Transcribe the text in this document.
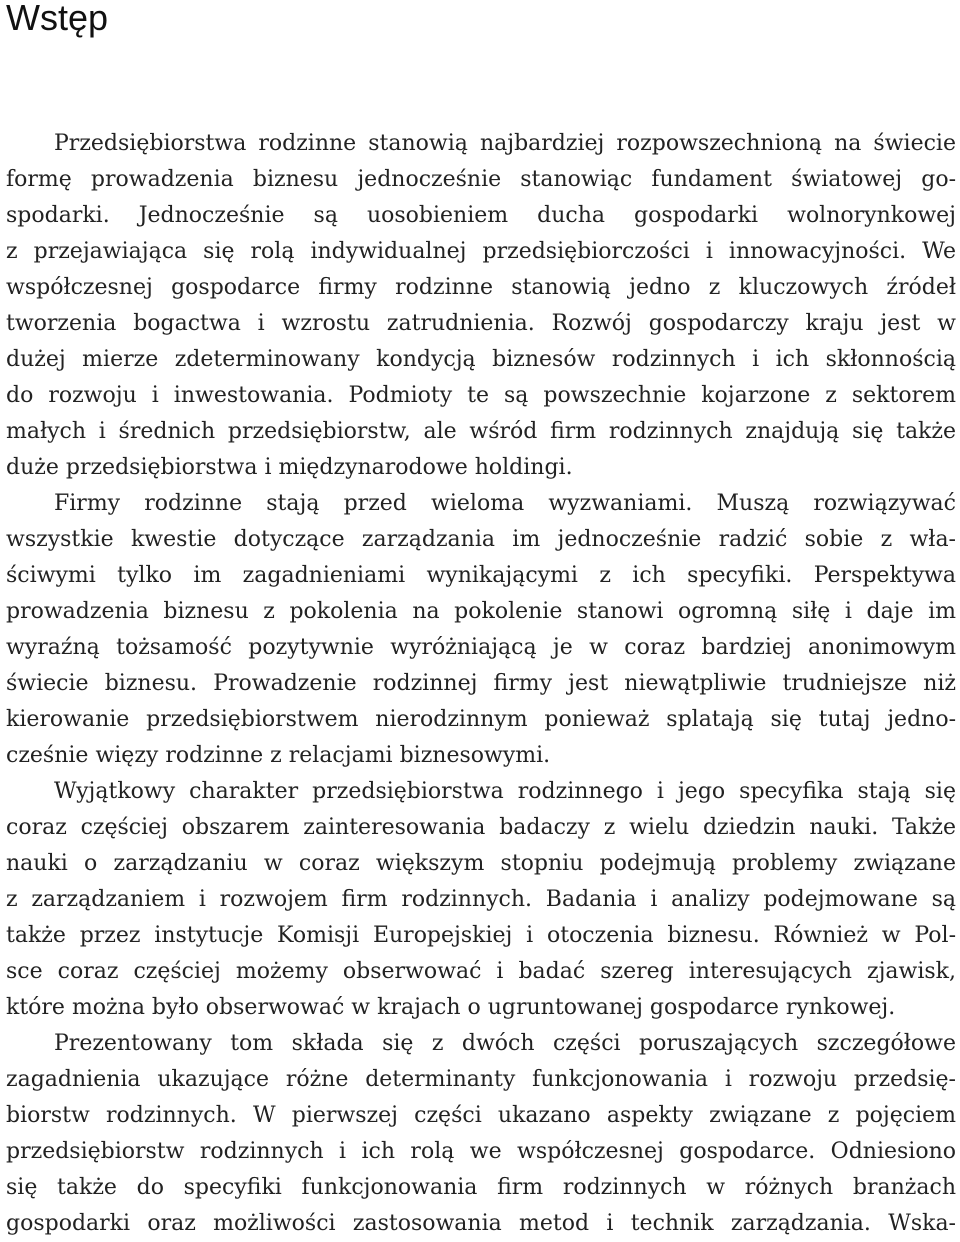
Wstęp
Przedsiębiorstwa rodzinne stanowią najbardziej rozpowszechnioną na świecie
formę prowadzenia biznesu jednocześnie stanowiąc fundament światowej go-
spodarki. Jednocześnie są uosobieniem ducha gospodarki wolnorynkowej
z przejawiająca się rolą indywidualnej przedsiębiorczości i innowacyjności. We
współczesnej gospodarce firmy rodzinne stanowią jedno z kluczowych źródeł
tworzenia bogactwa i wzrostu zatrudnienia. Rozwój gospodarczy kraju jest w
dużej mierze zdeterminowany kondycją biznesów rodzinnych i ich skłonnością
do rozwoju i inwestowania. Podmioty te są powszechnie kojarzone z sektorem
małych i średnich przedsiębiorstw, ale wśród firm rodzinnych znajdują się także
duże przedsiębiorstwa i międzynarodowe holdingi.
Firmy rodzinne stają przed wieloma wyzwaniami. Muszą rozwiązywać
wszystkie kwestie dotyczące zarządzania im jednocześnie radzić sobie z wła-
ściwymi tylko im zagadnieniami wynikającymi z ich specyfiki. Perspektywa
prowadzenia biznesu z pokolenia na pokolenie stanowi ogromną siłę i daje im
wyraźną tożsamość pozytywnie wyróżniającą je w coraz bardziej anonimowym
świecie biznesu. Prowadzenie rodzinnej firmy jest niewątpliwie trudniejsze niż
kierowanie przedsiębiorstwem nierodzinnym ponieważ splatają się tutaj jedno-
cześnie więzy rodzinne z relacjami biznesowymi.
Wyjątkowy charakter przedsiębiorstwa rodzinnego i jego specyfika stają się
coraz częściej obszarem zainteresowania badaczy z wielu dziedzin nauki. Także
nauki o zarządzaniu w coraz większym stopniu podejmują problemy związane
z zarządzaniem i rozwojem firm rodzinnych. Badania i analizy podejmowane są
także przez instytucje Komisji Europejskiej i otoczenia biznesu. Również w Pol-
sce coraz częściej możemy obserwować i badać szereg interesujących zjawisk,
które można było obserwować w krajach o ugruntowanej gospodarce rynkowej.
Prezentowany tom składa się z dwóch części poruszających szczegółowe
zagadnienia ukazujące różne determinanty funkcjonowania i rozwoju przedsię-
biorstw rodzinnych. W pierwszej części ukazano aspekty związane z pojęciem
przedsiębiorstw rodzinnych i ich rolą we współczesnej gospodarce. Odniesiono
się także do specyfiki funkcjonowania firm rodzinnych w różnych branżach
gospodarki oraz możliwości zastosowania metod i technik zarządzania. Wska-
